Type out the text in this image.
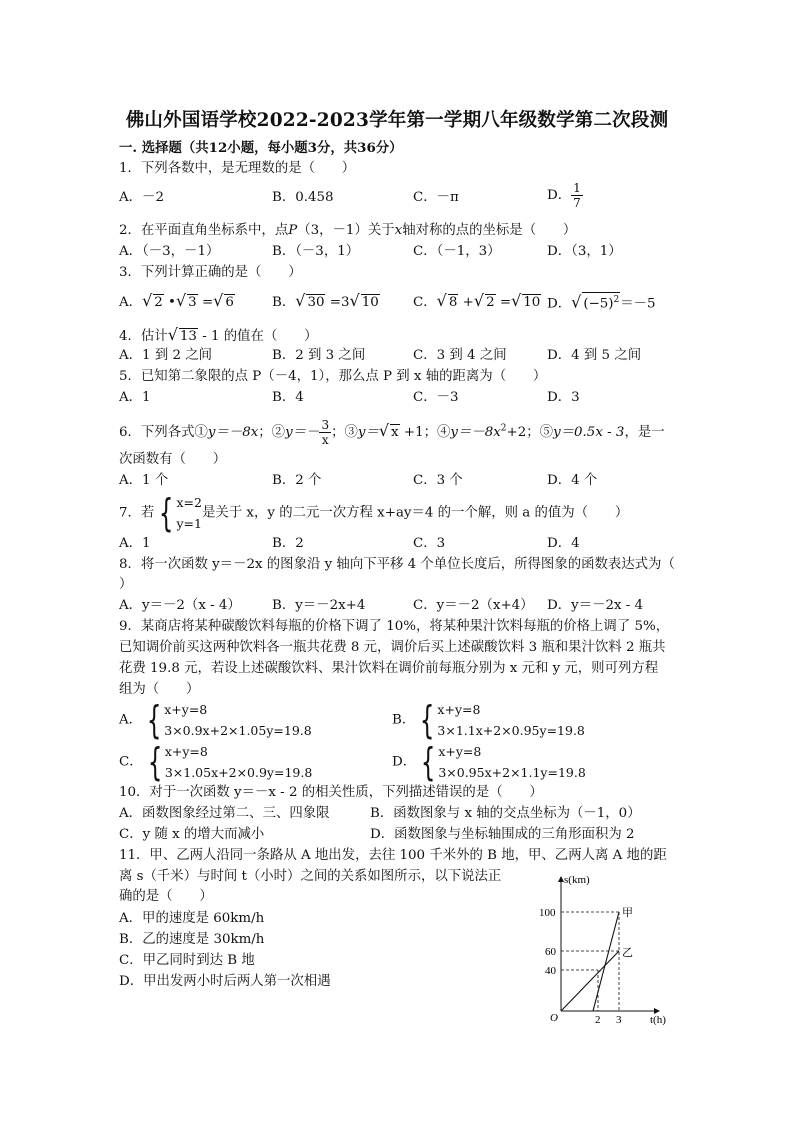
佛山外国语学校2022-2023学年第一学期八年级数学第二次段测
一. 选择题（共12小题，每小题3分，共36分）
1．下列各数中，是无理数的是（　　）
A．－2	B．0.458	C．－π	D． $\frac{1}{7}$
2．在平面直角坐标系中，点P（3，－1）关于x轴对称的点的坐标是（　　）
A．（－3，－1）	B．（－3，1）	C．（－1，3）	D．（3，1）
3．下列计算正确的是（　　）
A．√ 2 •√ 3 =√ 6	B．√ 30 =3√ 10	C．√ 8 +√ 2 =√ 10 D．√ $(-5)^2=-5$
4．估计√ 13 - 1 的值在（　　）
A．1 到 2 之间	B．2 到 3 之间	C．3 到 4 之间	D．4 到 5 之间
5．已知第二象限的点 P（－4，1），那么点 P 到 x 轴的距离为（　　）
A．1	B．4	C．－3	D．3
6．下列各式①y＝－8x；②y＝－ $\frac{3}{x}$ ；③y＝√ x +1；$④y=-8x^2+2$；⑤y＝0.5x - 3，是一
次函数有（　　）
A．1 个	B．2 个	C．3 个	D．4 个
7．若 { x=2
y=1
是关于 x，y 的二元一次方程 x+ay＝4 的一个解，则 a 的值为（　　）
A．1	B．2	C．3	D．4
8．将一次函数 y＝－2x 的图象沿 y 轴向下平移 4 个单位长度后，所得图象的函数表达式为（
）
A．y＝－2（x - 4） B．y＝－2x+4	C．y＝－2（x+4） D．y＝－2x - 4
9．某商店将某种碳酸饮料每瓶的价格下调了 10%，将某种果汁饮料每瓶的价格上调了 5%，
已知调价前买这两种饮料各一瓶共花费 8 元，调价后买上述碳酸饮料 3 瓶和果汁饮料 2 瓶共
花费 19.8 元，若设上述碳酸饮料、果汁饮料在调价前每瓶分别为 x 元和 y 元，则可列方程
组为（　　）
A． { x+y=8
3×0.9x+2×1.05y=19.8
B． { x+y=8
3×1.1x+2×0.95y=19.8
C． { x+y=8
3×1.05x+2×0.9y=19.8
D． { x+y=8
3×0.95x+2×1.1y=19.8
10．对于一次函数 y＝－x - 2 的相关性质，下列描述错误的是（　　）
A．函数图象经过第二、三、四象限	B．函数图象与 x 轴的交点坐标为（－1，0）
C．y 随 x 的增大而减小	D．函数图象与坐标轴围成的三角形面积为 2
11．甲、乙两人沿同一条路从 A 地出发，去往 100 千米外的 B 地，甲、乙两人离 A 地的距
离 s（千米）与时间 t（小时）之间的关系如图所示，以下说法正
确的是（　　）
A．甲的速度是 60km/h
B．乙的速度是 30km/h
C．甲乙同时到达 B 地
D．甲出发两小时后两人第一次相遇
s(km)
t(h)
O
100
60
40
2 3
甲
乙
